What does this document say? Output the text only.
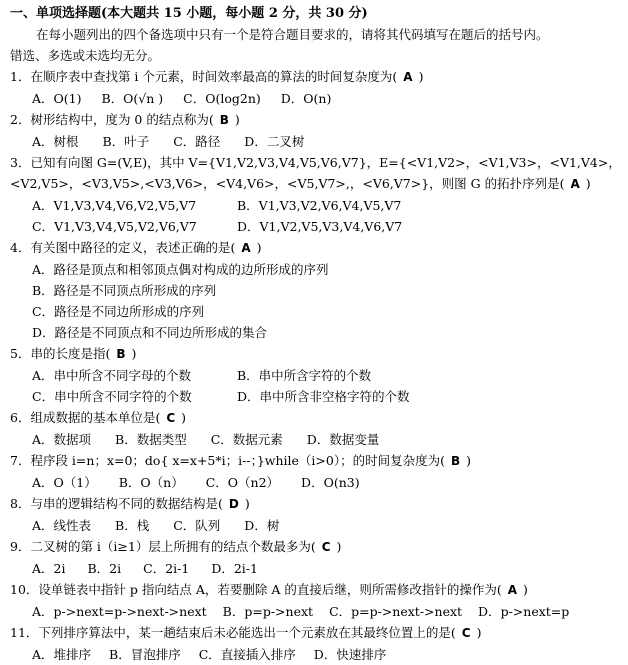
一、单项选择题(本大题共 15 小题，每小题 2 分，共 30 分)
在每小题列出的四个备选项中只有一个是符合题目要求的，请将其代码填写在题后的括号内。
错选、多选或未选均无分。
1．在顺序表中查找第 i 个元素，时间效率最高的算法的时间复杂度为( A )
A．O(1) B．O(√n ) C．O(log2n) D．O(n)
2．树形结构中，度为 0 的结点称为( B )
A．树根 B．叶子 C．路径 D．二叉树
3．已知有向图 G=(V,E)，其中 V={V1,V2,V3,V4,V5,V6,V7}，E={<V1,V2>，<V1,V3>，<V1,V4>，<V2,V5>，<V3,V5>,<V3,V6>，<V4,V6>，<V5,V7>,，<V6,V7>}，则图 G 的拓扑序列是( A )
A．V1,V3,V4,V6,V2,V5,V7	B．V1,V3,V2,V6,V4,V5,V7
C．V1,V3,V4,V5,V2,V6,V7	D．V1,V2,V5,V3,V4,V6,V7
4．有关图中路径的定义，表述正确的是( A )
A．路径是顶点和相邻顶点偶对构成的边所形成的序列
B．路径是不同顶点所形成的序列
C．路径是不同边所形成的序列
D．路径是不同顶点和不同边所形成的集合
5．串的长度是指( B )
A．串中所含不同字母的个数	B．串中所含字符的个数
C．串中所含不同字符的个数	D．串中所含非空格字符的个数
6．组成数据的基本单位是( C )
A．数据项 B．数据类型 C．数据元素 D．数据变量
7．程序段 i=n；x=0；do{ x=x+5*i；i--；}while（i>0）；的时间复杂度为( B )
A．O（1） B．O（n） C．O（n2） D．O(n3)
8．与串的逻辑结构不同的数据结构是( D )
A．线性表 B．栈 C．队列 D．树
9．二叉树的第 i（i≥1）层上所拥有的结点个数最多为( C )
A．2i B．2i C．2i-1 D．2i-1
10．设单链表中指针 p 指向结点 A，若要删除 A 的直接后继，则所需修改指针的操作为( A )
A．p->next=p->next->next B．p=p->next C．p=p->next->next D．p->next=p
11．下列排序算法中，某一趟结束后未必能选出一个元素放在其最终位置上的是( C )
A．堆排序 B．冒泡排序 C．直接插入排序 D．快速排序
